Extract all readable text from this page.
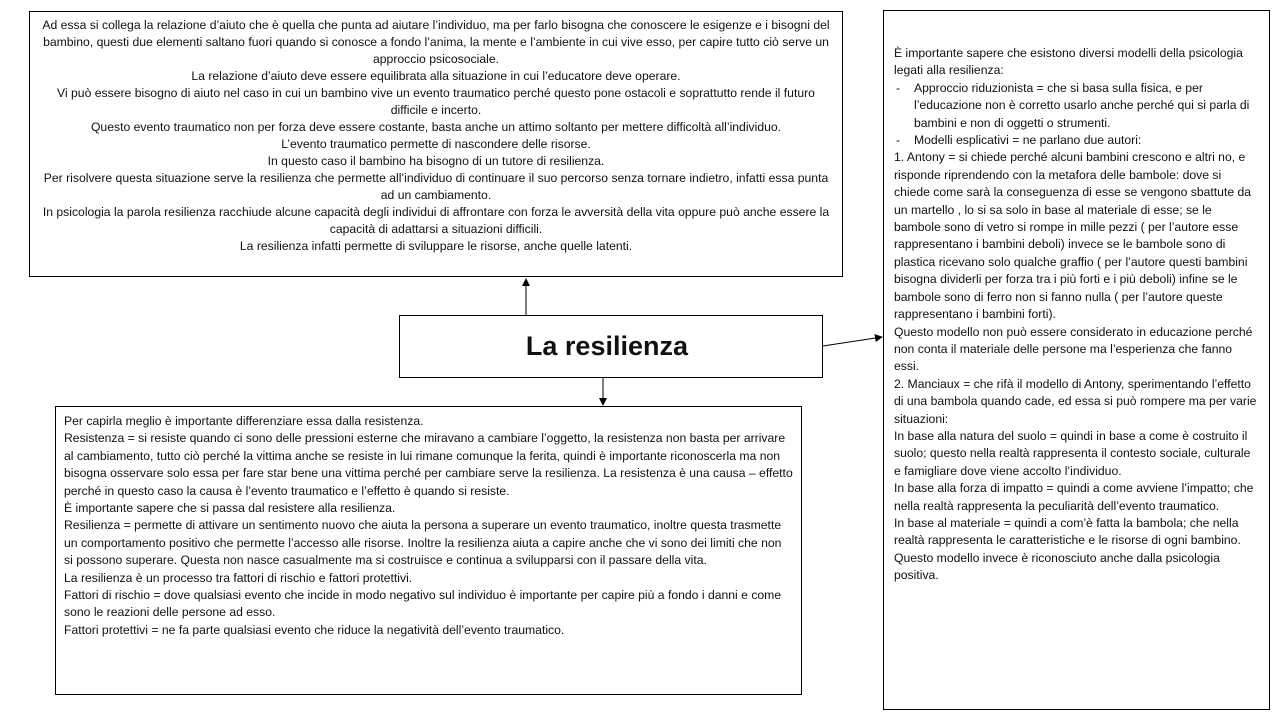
Ad essa si collega la relazione d’aiuto che è quella che punta ad aiutare l’individuo, ma per farlo bisogna che conoscere le esigenze e i bisogni del bambino, questi due elementi saltano fuori quando si conosce a fondo l’anima, la mente e l’ambiente in cui vive esso, per capire tutto ciò serve un approccio psicosociale.

La relazione d’aiuto deve essere equilibrata alla situazione in cui l’educatore deve operare.

Vi può essere bisogno di aiuto nel caso in cui un bambino vive un evento traumatico perché questo pone ostacoli e soprattutto rende il futuro difficile e incerto.

Questo evento traumatico non per forza deve essere costante, basta anche un attimo soltanto per mettere difficoltà all’individuo.

L’evento traumatico permette di nascondere delle risorse.

In questo caso il bambino ha bisogno di un tutore di resilienza.

Per risolvere questa situazione serve la resilienza che permette all’individuo di continuare il suo percorso senza tornare indietro, infatti essa punta ad un cambiamento.

In psicologia la parola resilienza racchiude alcune capacità degli individui di affrontare con forza le avversità della vita oppure può anche essere la capacità di adattarsi a situazioni difficili.

La resilienza infatti permette di sviluppare le risorse, anche quelle latenti.

La resilienza

Per capirla meglio è importante differenziare essa dalla resistenza.

Resistenza = si resiste quando ci sono delle pressioni esterne che miravano a cambiare l’oggetto, la resistenza non basta per arrivare al cambiamento, tutto ciò perché la vittima anche se resiste in lui rimane comunque la ferita, quindi è importante riconoscerla ma non bisogna osservare solo essa per fare star bene una vittima perché per cambiare serve la resilienza. La resistenza è una causa – effetto perché in questo caso la causa è l’evento traumatico e l’effetto è quando si resiste.

È importante sapere che si passa dal resistere alla resilienza.

Resilienza = permette di attivare un sentimento nuovo che aiuta la persona a superare un evento traumatico, inoltre questa trasmette un comportamento positivo che permette l’accesso alle risorse. Inoltre la resilienza aiuta a capire anche che vi sono dei limiti che non si possono superare. Questa non nasce casualmente ma si costruisce e continua a svilupparsi con il passare della vita.

La resilienza è un processo tra fattori di rischio e fattori protettivi.

Fattori di rischio = dove qualsiasi evento che incide in modo negativo sul individuo è importante per capire più a fondo i danni e come sono le reazioni delle persone ad esso.

Fattori protettivi = ne fa parte qualsiasi evento che riduce la negatività dell’evento traumatico.

È importante sapere che esistono diversi modelli della psicologia legati alla resilienza:

-	Approccio riduzionista = che si basa sulla fisica, e per l’educazione non è corretto usarlo anche perché qui si parla di bambini e non di oggetti o strumenti.
-	Modelli esplicativi = ne parlano due autori:

1. Antony = si chiede perché alcuni bambini crescono e altri no, e risponde riprendendo con la metafora delle bambole: dove si chiede come sarà la conseguenza di esse se vengono sbattute da un martello , lo si sa solo in base al materiale di esse; se le bambole sono di vetro si rompe in mille pezzi ( per l’autore esse rappresentano i bambini deboli) invece se le bambole sono di plastica ricevano solo qualche graffio ( per l’autore questi bambini bisogna dividerli per forza tra i più forti e i più deboli) infine se le bambole sono di ferro non si fanno nulla ( per l’autore queste rappresentano i bambini forti).

Questo modello non può essere considerato in educazione perché non conta il materiale delle persone ma l’esperienza che fanno essi.

2. Manciaux = che rifà il modello di Antony, sperimentando l’effetto di una bambola quando cade, ed essa si può rompere ma per varie situazioni:

In base alla natura del suolo = quindi in base a come è costruito il suolo; questo nella realtà rappresenta il contesto sociale, culturale e famigliare dove viene accolto l’individuo.

In base alla forza di impatto = quindi a come avviene l’impatto; che nella realtà rappresenta la peculiarità dell’evento traumatico.

In base al materiale = quindi a com’è fatta la bambola; che nella realtà rappresenta le caratteristiche e le risorse di ogni bambino.

Questo modello invece è riconosciuto anche dalla psicologia positiva.
